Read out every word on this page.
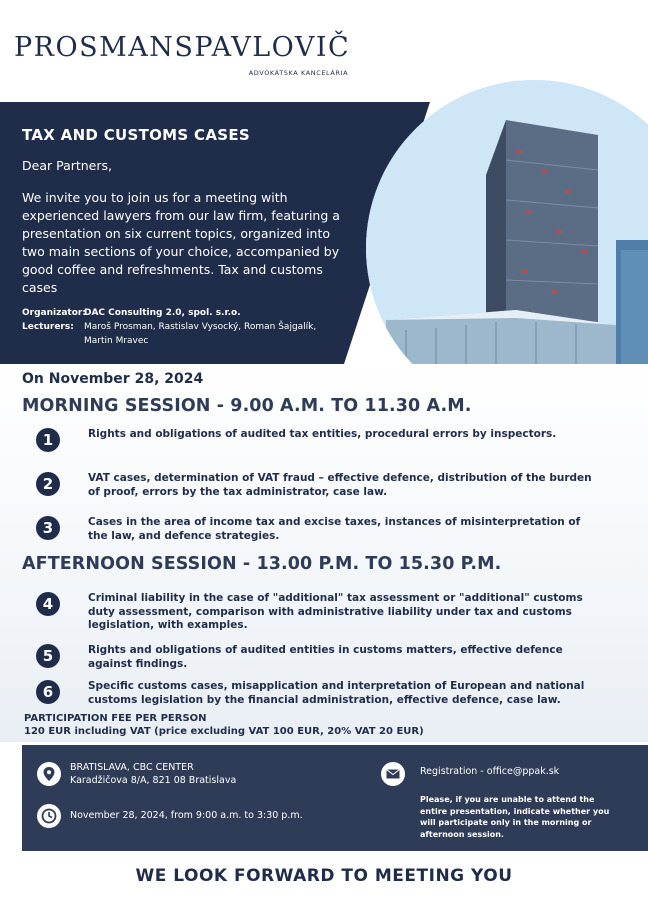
PROSMANSPAVLOVIČ
ADVOKÁTSKA KANCELÁRIA
TAX AND CUSTOMS CASES
Dear Partners,
We invite you to join us for a meeting with experienced lawyers from our law firm, featuring a presentation on six current topics, organized into two main sections of your choice, accompanied by good coffee and refreshments. Tax and customs cases
Organizator:
DAC Consulting 2.0, spol. s.r.o.
Lecturers:	Maroš Prosman, Rastislav Vysocký, Roman Šajgalík, Martin Mravec
On November 28, 2024
MORNING SESSION - 9.00 A.M. TO 11.30 A.M.
1	Rights and obligations of audited tax entities, procedural errors by inspectors.
2	VAT cases, determination of VAT fraud – effective defence, distribution of the burden of proof, errors by the tax administrator, case law.
3	Cases in the area of income tax and excise taxes, instances of misinterpretation of the law, and defence strategies.
AFTERNOON SESSION - 13.00 P.M. TO 15.30 P.M.
4	Criminal liability in the case of "additional" tax assessment or "additional" customs duty assessment, comparison with administrative liability under tax and customs legislation, with examples.
5	Rights and obligations of audited entities in customs matters, effective defence against findings.
6	Specific customs cases, misapplication and interpretation of European and national customs legislation by the financial administration, effective defence, case law.
PARTICIPATION FEE PER PERSON
120 EUR including VAT (price excluding VAT 100 EUR, 20% VAT 20 EUR)
BRATISLAVA, CBC CENTER
Karadžičova 8/A, 821 08 Bratislava
November 28, 2024, from 9:00 a.m. to 3:30 p.m.
Registration - office@ppak.sk
Please, if you are unable to attend the entire presentation, indicate whether you will participate only in the morning or afternoon session.
WE LOOK FORWARD TO MEETING YOU
